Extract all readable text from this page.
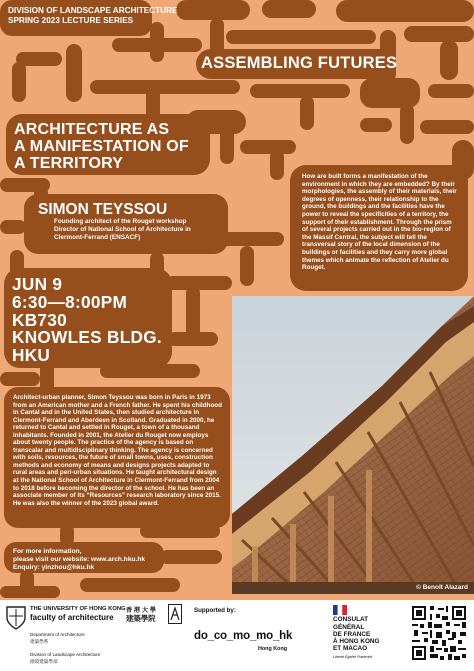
DIVISION OF LANDSCAPE ARCHITECTURE
SPRING 2023 LECTURE SERIES
ASSEMBLING FUTURES
ARCHITECTURE AS
A MANIFESTATION OF
A TERRITORY
How are built forms a manifestation of the environment in which they are embedded? By their morphologies, the assembly of their materials, their degrees of openness, their relationship to the ground, the buildings and the facilities have the power to reveal the specificities of a territory, the support of their establishment. Through the prism of several projects carried out in the bio-region of the Massif Central, the subject will tell the transversal story of the local dimension of the buildings or facilities and they carry more global themes which animate the reflection of Atelier du Rouget.
SIMON TEYSSOU
Founding architect of the Rouget workshop
Director of National School of Architecture in
Clermont-Ferrand (ENSACF)
JUN 9
6:30—8:00PM
KB730
KNOWLES BLDG.
HKU
Architect-urban planner, Simon Teyssou was born in Paris in 1973 from an American mother and a French father. He spent his childhood in Cantal and in the United States, then studied architecture in Clermont-Ferrand and Aberdeen in Scotland. Graduated in 2000, he returned to Cantal and settled in Rouget, a town of a thousand inhabitants. Founded in 2001, the Atelier du Rouget now employs about twenty people. The practice of the agency is based on transcalar and multidisciplinary thinking. The agency is concerned with soils, resources, the future of small towns, uses, construction methods and economy of means and designs projects adapted to rural areas and peri-urban situations. He taught architectural design at the National School of Architecture in Clermont-Ferrand from 2004 to 2018 before becoming the director of the school. He has been an associate member of its “Resources” research laboratory since 2015. He was also the winner of the 2023 global award.
For more information,
please visit our website: www.arch.hku.hk
Enquiry: yinzhou@hku.hk
© Benoît Alazard
THE UNIVERSITY OF HONG KONG
faculty of architecture
香 港 大 學
建築學院
Department of Architecture
建築學系
Division of Landscape Architecture
園境建築學部
Supported by:
do_co_mo_mo_hk
Hong Kong
CONSULAT
GÉNÉRAL
DE FRANCE
À HONG KONG
ET MACAO
Liberté Égalité Fraternité
